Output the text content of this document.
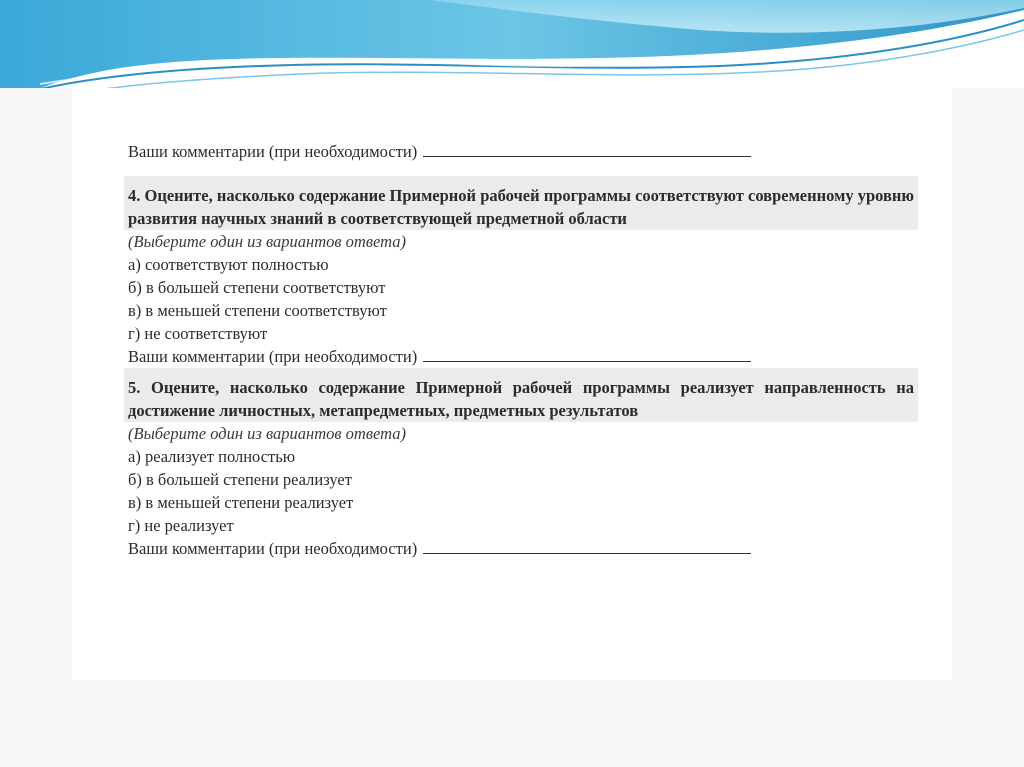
Ваши комментарии (при необходимости)
4. Оцените, насколько содержание Примерной рабочей программы соответствуют современному уровню развития научных знаний в соответствующей предметной области
(Выберите один из вариантов ответа)
а) соответствуют полностью
б) в большей степени соответствуют
в) в меньшей степени соответствуют
г) не соответствуют
Ваши комментарии (при необходимости)
5. Оцените, насколько содержание Примерной рабочей программы реализует направленность на достижение личностных, метапредметных, предметных результатов
(Выберите один из вариантов ответа)
а) реализует полностью
б) в большей степени реализует
в) в меньшей степени реализует
г) не реализует
Ваши комментарии (при необходимости)
